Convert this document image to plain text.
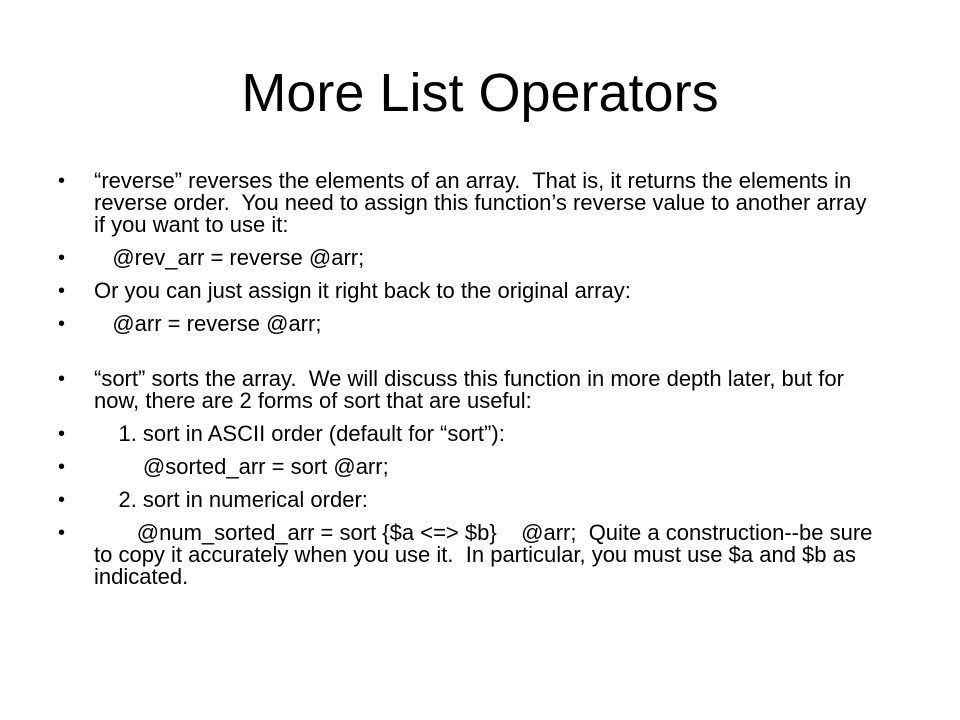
More List Operators
•	“reverse” reverses the elements of an array.  That is, it returns the elements in reverse order.  You need to assign this function’s reverse value to another array if you want to use it:
•	@rev_arr = reverse @arr;
•	Or you can just assign it right back to the original array:
•	@arr = reverse @arr;
•	“sort” sorts the array.  We will discuss this function in more depth later, but for now, there are 2 forms of sort that are useful:
•	1. sort in ASCII order (default for “sort”):
•	@sorted_arr = sort @arr;
•	2. sort in numerical order:
•	@num_sorted_arr = sort {$a <=> $b}    @arr;  Quite a construction--be sure to copy it accurately when you use it.  In particular, you must use $a and $b as indicated.
